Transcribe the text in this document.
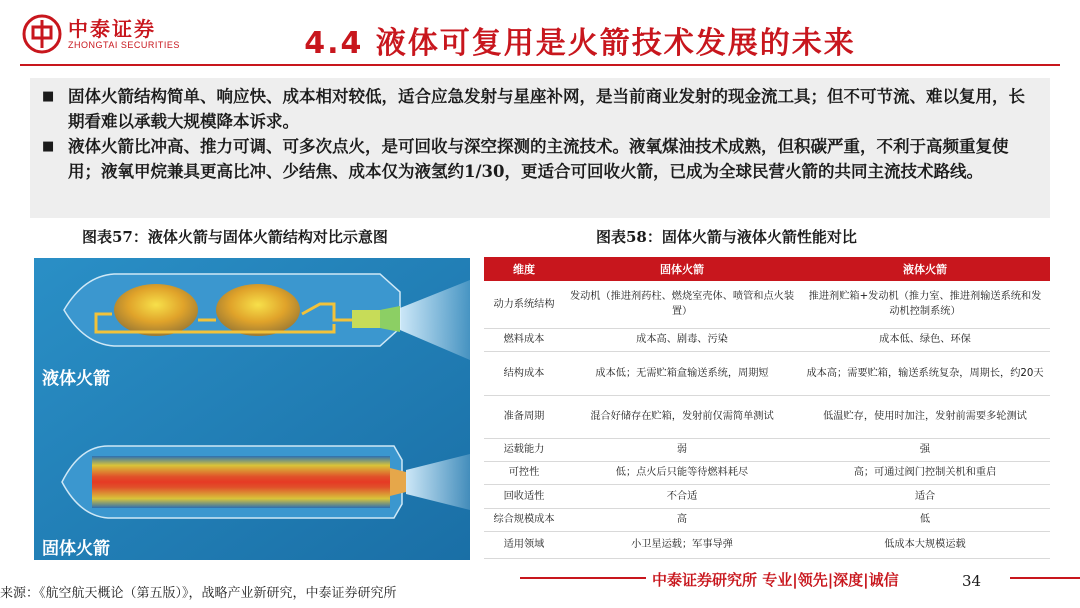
中泰证券
ZHONGTAI SECURITIES	4.4 液体可复用是火箭技术发展的未来
■ 固体火箭结构简单、响应快、成本相对较低，适合应急发射与星座补网，是当前商业发射的现金流工具；但不可节流、难以复用，长期看难以承载大规模降本诉求。
■ 液体火箭比冲高、推力可调、可多次点火，是可回收与深空探测的主流技术。液氧煤油技术成熟，但积碳严重，不利于高频重复使用；液氧甲烷兼具更高比冲、少结焦、成本仅为液氢约1/30，更适合可回收火箭，已成为全球民营火箭的共同主流技术路线。
图表57：液体火箭与固体火箭结构对比示意图	图表58：固体火箭与液体火箭性能对比
液体火箭
固体火箭
维度	固体火箭	液体火箭
动力系统结构	发动机（推进剂药柱、燃烧室壳体、喷管和点火装置）	推进剂贮箱+发动机（推力室、推进剂输送系统和发动机控制系统）
燃料成本	成本高、剧毒、污染	成本低、绿色、环保
结构成本	成本低；无需贮箱盒输送系统，周期短	成本高；需要贮箱，输送系统复杂，周期长，约20天
准备周期	混合好储存在贮箱，发射前仅需简单测试	低温贮存，使用时加注，发射前需要多轮测试
运载能力	弱	强
可控性	低；点火后只能等待燃料耗尽	高；可通过阀门控制关机和重启
回收适性	不合适	适合
综合规模成本	高	低
适用领域	小卫星运载；军事导弹	低成本大规模运载
来源：《航空航天概论（第五版）》，战略产业新研究，中泰证券研究所
中泰证券研究所 专业|领先|深度|诚信	34
